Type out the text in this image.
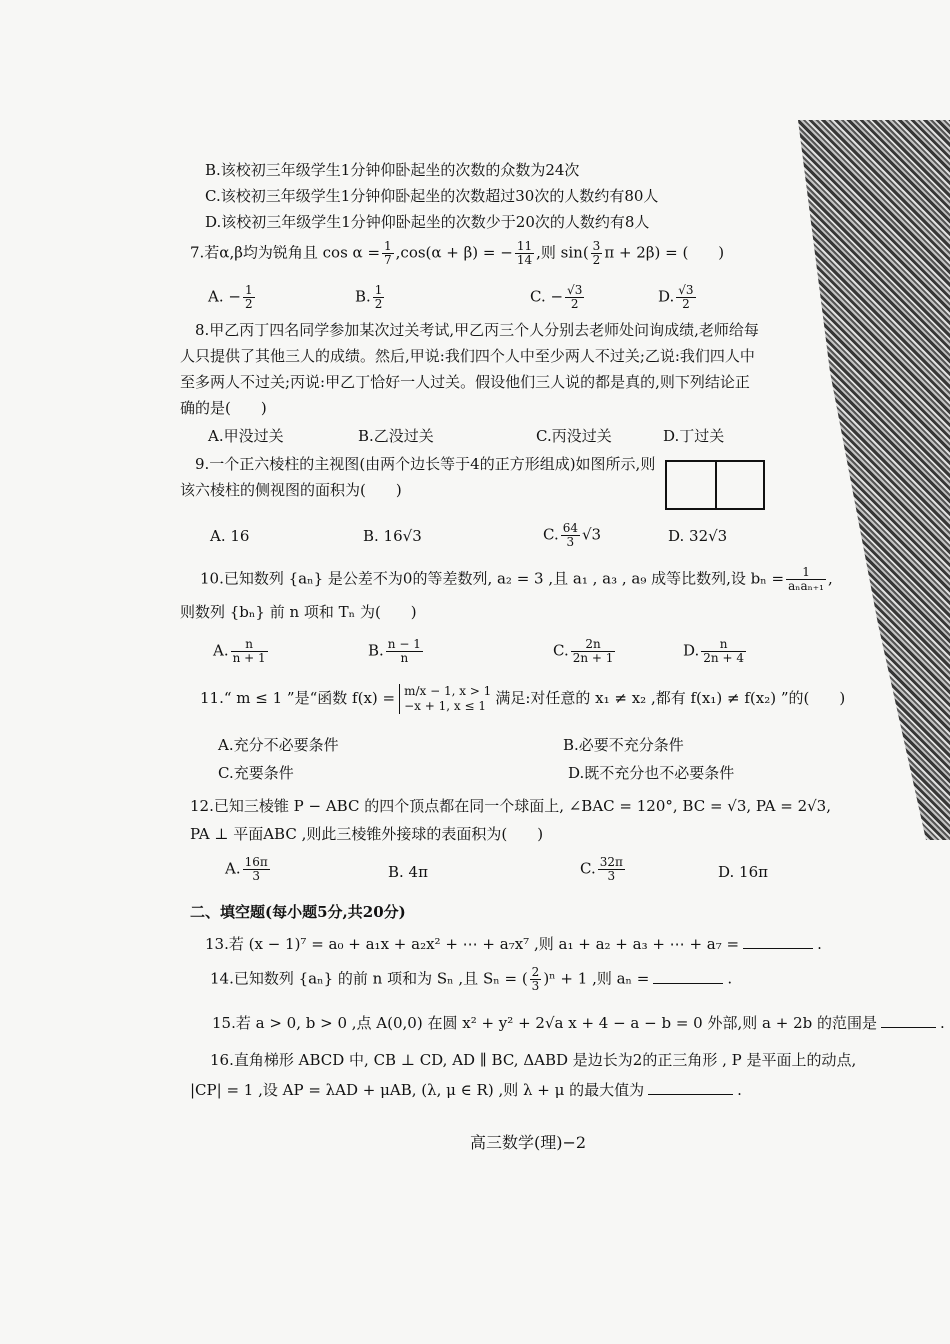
B.该校初三年级学生1分钟仰卧起坐的次数的众数为24次
C.该校初三年级学生1分钟仰卧起坐的次数超过30次的人数约有80人
D.该校初三年级学生1分钟仰卧起坐的次数少于20次的人数约有8人
7.若α,β均为锐角且 $\cos \alpha = \frac{1}{7} ,\cos(\alpha + \beta)$ = − $\frac{11}{14}$ ,则 $\sin( \frac{3}{2}$ π + 2β) = (　　)
A. − $\frac{1}{2}$	B. $\frac{1}{2}$	C. − $\frac{√3}{2}$	D. $\frac{√3}{2}$
8.甲乙丙丁四名同学参加某次过关考试,甲乙丙三个人分别去老师处问询成绩,老师给每
人只提供了其他三人的成绩。然后,甲说:我们四个人中至少两人不过关;乙说:我们四人中
至多两人不过关;丙说:甲乙丁恰好一人过关。假设他们三人说的都是真的,则下列结论正
确的是(　　)
A.甲没过关	B.乙没过关	C.丙没过关	D.丁过关
9.一个正六棱柱的主视图(由两个边长等于4的正方形组成)如图所示,则
该六棱柱的侧视图的面积为(　　)
A. 16	B. 16√3	C. $\frac{64}{3} √3$	D. 32√3
10.已知数列 {aₙ} 是公差不为0的等差数列, a₂ = 3 ,且 a₁ , a₃ , a₉ 成等比数列,设 $b_n = \frac{1}{\text{aₙaₙ₊₁}}$ ,
则数列 {bₙ} 前 n 项和 Tₙ 为(　　)
A. $\frac{n}{n + 1}$	B. $\frac{n - 1}{n}$	C. $\frac{2n}{2n + 1}$	D. $\frac{n}{2n + 4}$
11.“ m ≤ 1 ”是“函数 f(x) = m/x − 1, x > 1
−x + 1, x ≤ 1 满足:对任意的 x₁ ≠ x₂ ,都有 f(x₁) ≠ f(x₂) ”的(　　)
A.充分不必要条件	B.必要不充分条件
C.充要条件	D.既不充分也不必要条件
12.已知三棱锥 P − ABC 的四个顶点都在同一个球面上, ∠BAC = 120°, BC = √3, PA = 2√3,
PA ⊥ 平面ABC ,则此三棱锥外接球的表面积为(　　)
A. $\frac{16\pi}{3}$	B. 4π	C. $\frac{32\pi}{3}$	D. 16π
二、填空题(每小题5分,共20分)
13.若 (x − 1)⁷ = a₀ + a₁x + a₂x² + ⋯ + a₇x⁷ ,则 a₁ + a₂ + a₃ + ⋯ + a₇ =	.
14.已知数列 {aₙ} 的前 n 项和为 Sₙ ,且 Sₙ = ( $\frac{2}{3} )^n + 1$ ,则 aₙ =	.
15.若 a > 0, b > 0 ,点 A(0,0) 在圆 x² + y² + 2√a x + 4 − a − b = 0 外部,则 a + 2b 的范围是	.
16.直角梯形 ABCD 中, CB ⊥ CD, AD ∥ BC, ΔABD 是边长为2的正三角形 , P 是平面上的动点,
|CP| = 1 ,设 AP = λAD + μAB, (λ, μ ∈ R) ,则 λ + μ 的最大值为	.
高三数学(理)−2
